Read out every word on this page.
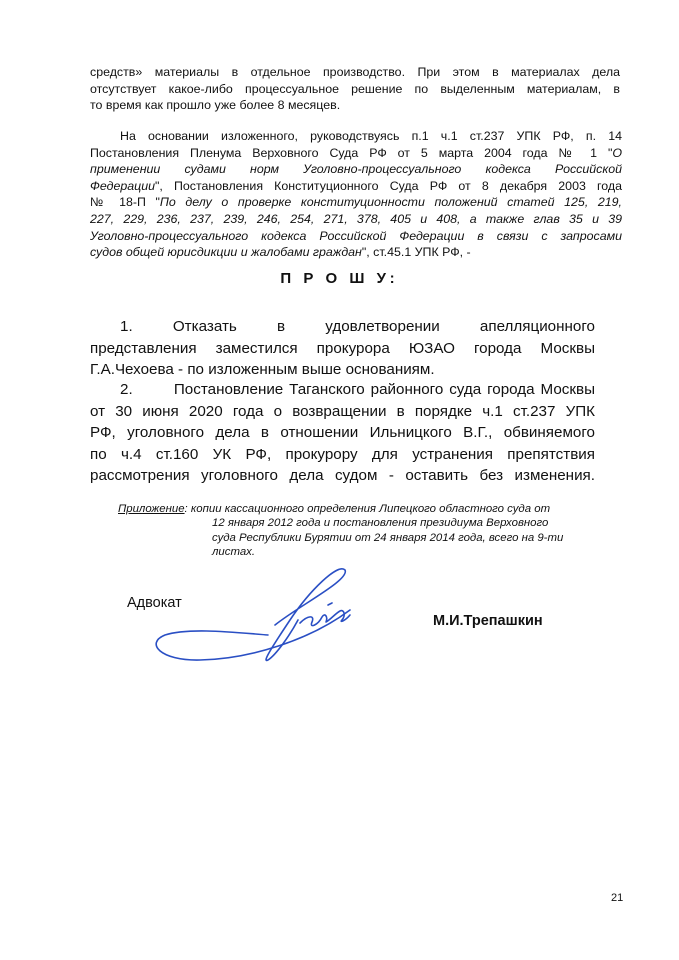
средств» материалы в отдельное производство. При этом в материалах дела
отсутствует какое-либо процессуальное решение по выделенным материалам, в
то время как прошло уже более 8 месяцев.
На основании изложенного, руководствуясь п.1 ч.1 ст.237 УПК РФ, п. 14
Постановления Пленума Верховного Суда РФ от 5 марта 2004 года № 1 "О
применении судами норм Уголовно-процессуального кодекса Российской
Федерации", Постановления Конституционного Суда РФ от 8 декабря 2003 года
№ 18-П "По делу о проверке конституционности положений статей 125, 219,
227, 229, 236, 237, 239, 246, 254, 271, 378, 405 и 408, а также глав 35 и 39
Уголовно-процессуального кодекса Российской Федерации в связи с запросами
судов общей юрисдикции и жалобами граждан", ст.45.1 УПК РФ, -
П Р О Ш У:
1.       Отказать       в       удовлетворении       апелляционного
представления заместился прокурора ЮЗАО города Москвы
Г.А.Чехоева - по изложенным выше основаниям.
2.       Постановление Таганского районного суда города Москвы
от 30 июня 2020 года о возвращении в порядке ч.1 ст.237 УПК
РФ, уголовного дела в отношении Ильницкого В.Г., обвиняемого
по ч.4 ст.160 УК РФ, прокурору для устранения препятствия
рассмотрения уголовного дела судом - оставить без изменения.
Приложение: копии кассационного определения Липецкого областного суда от
12 января 2012 года и постановления президиума Верховного
суда Республики Бурятии от 24 января 2014 года, всего на 9-ти
листах.
Адвокат
М.И.Трепашкин
21
